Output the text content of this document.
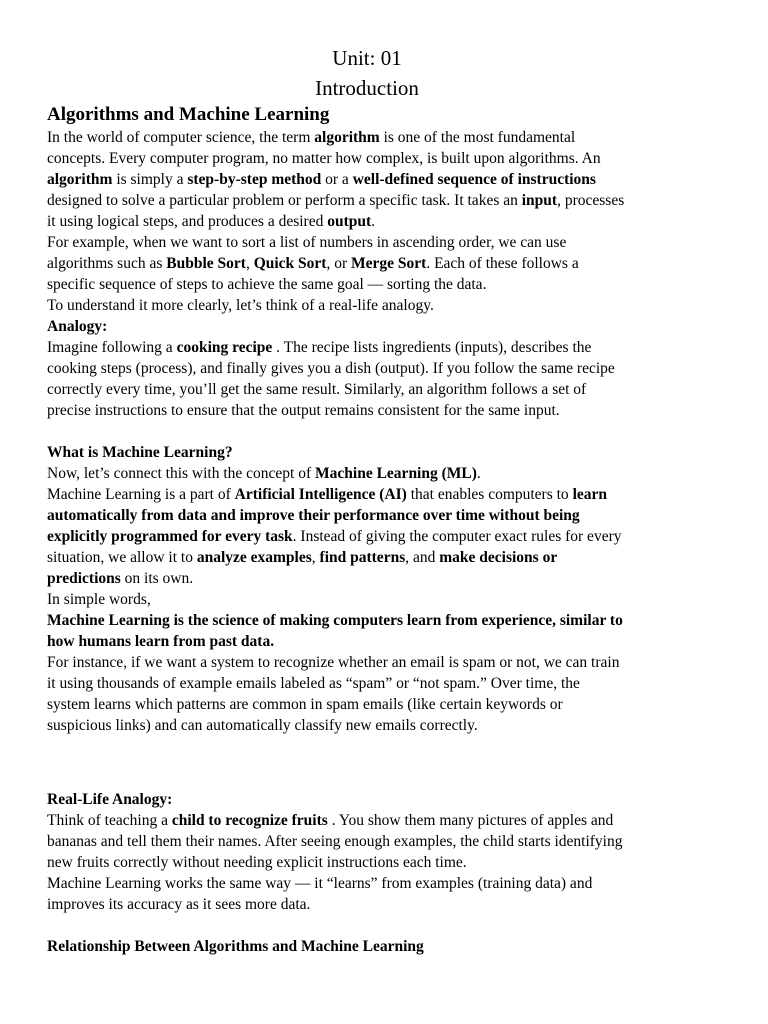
Unit: 01
Introduction
Algorithms and Machine Learning
In the world of computer science, the term algorithm is one of the most fundamental
concepts. Every computer program, no matter how complex, is built upon algorithms. An
algorithm is simply a step-by-step method or a well-defined sequence of instructions
designed to solve a particular problem or perform a specific task. It takes an input, processes
it using logical steps, and produces a desired output.
For example, when we want to sort a list of numbers in ascending order, we can use
algorithms such as Bubble Sort, Quick Sort, or Merge Sort. Each of these follows a
specific sequence of steps to achieve the same goal — sorting the data.
To understand it more clearly, let’s think of a real-life analogy.
Analogy:
Imagine following a cooking recipe . The recipe lists ingredients (inputs), describes the
cooking steps (process), and finally gives you a dish (output). If you follow the same recipe
correctly every time, you’ll get the same result. Similarly, an algorithm follows a set of
precise instructions to ensure that the output remains consistent for the same input.
What is Machine Learning?
Now, let’s connect this with the concept of Machine Learning (ML).
Machine Learning is a part of Artificial Intelligence (AI) that enables computers to learn
automatically from data and improve their performance over time without being
explicitly programmed for every task. Instead of giving the computer exact rules for every
situation, we allow it to analyze examples, find patterns, and make decisions or
predictions on its own.
In simple words,
Machine Learning is the science of making computers learn from experience, similar to
how humans learn from past data.
For instance, if we want a system to recognize whether an email is spam or not, we can train
it using thousands of example emails labeled as “spam” or “not spam.” Over time, the
system learns which patterns are common in spam emails (like certain keywords or
suspicious links) and can automatically classify new emails correctly.
Real-Life Analogy:
Think of teaching a child to recognize fruits . You show them many pictures of apples and
bananas and tell them their names. After seeing enough examples, the child starts identifying
new fruits correctly without needing explicit instructions each time.
Machine Learning works the same way — it “learns” from examples (training data) and
improves its accuracy as it sees more data.
Relationship Between Algorithms and Machine Learning
